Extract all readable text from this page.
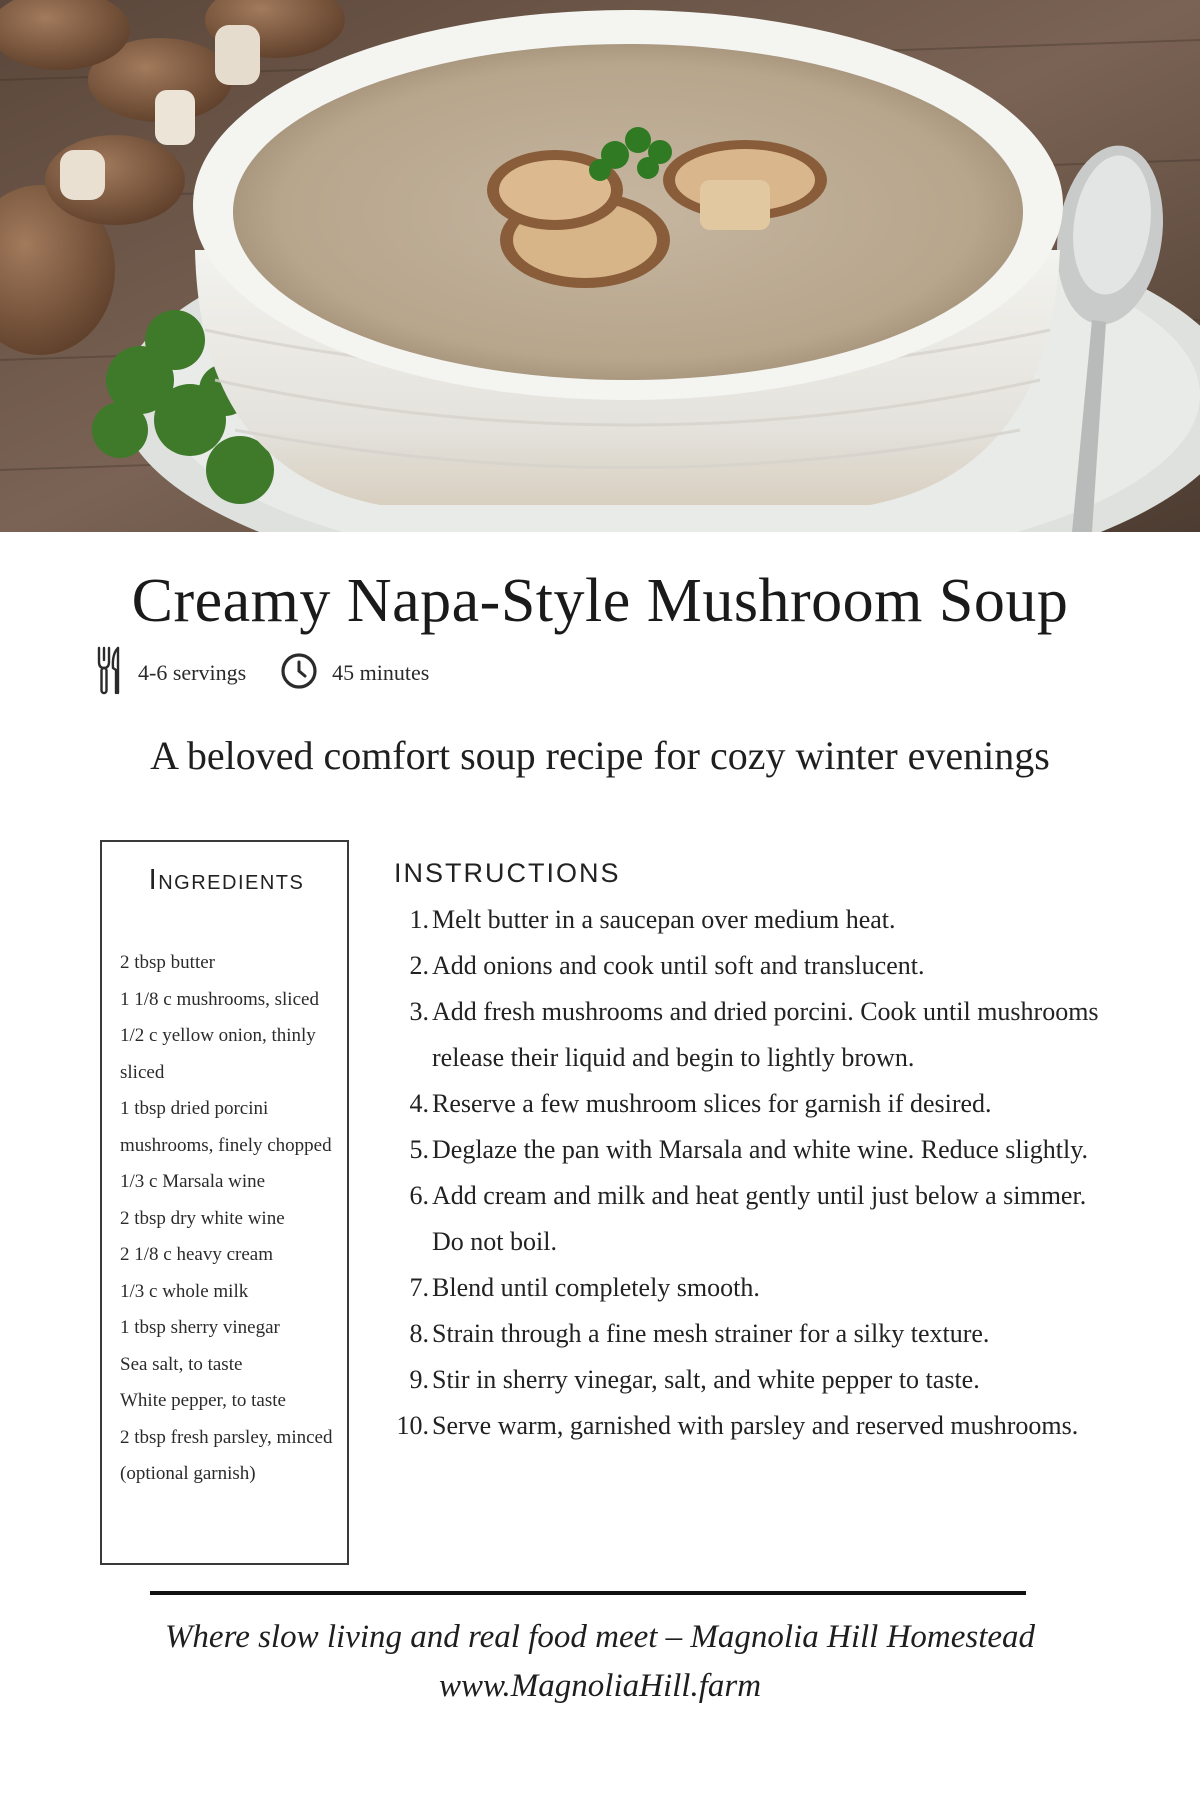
Creamy Napa-Style Mushroom Soup
4-6 servings	45 minutes

A beloved comfort soup recipe for cozy winter evenings

Ingredients
2 tbsp butter
1 1/8 c mushrooms, sliced
1/2 c yellow onion, thinly sliced
1 tbsp dried porcini mushrooms, finely chopped
1/3 c Marsala wine
2 tbsp dry white wine
2 1/8 c heavy cream
1/3 c whole milk
1 tbsp sherry vinegar
Sea salt, to taste
White pepper, to taste
2 tbsp fresh parsley, minced (optional garnish)
INSTRUCTIONS
1. Melt butter in a saucepan over medium heat.
2. Add onions and cook until soft and translucent.
3. Add fresh mushrooms and dried porcini. Cook until mushrooms release their liquid and begin to lightly brown.
4. Reserve a few mushroom slices for garnish if desired.
5. Deglaze the pan with Marsala and white wine. Reduce slightly.
6. Add cream and milk and heat gently until just below a simmer. Do not boil.
7. Blend until completely smooth.
8. Strain through a fine mesh strainer for a silky texture.
9. Stir in sherry vinegar, salt, and white pepper to taste.
10. Serve warm, garnished with parsley and reserved mushrooms.

Where slow living and real food meet – Magnolia Hill Homestead

www.MagnoliaHill.farm
